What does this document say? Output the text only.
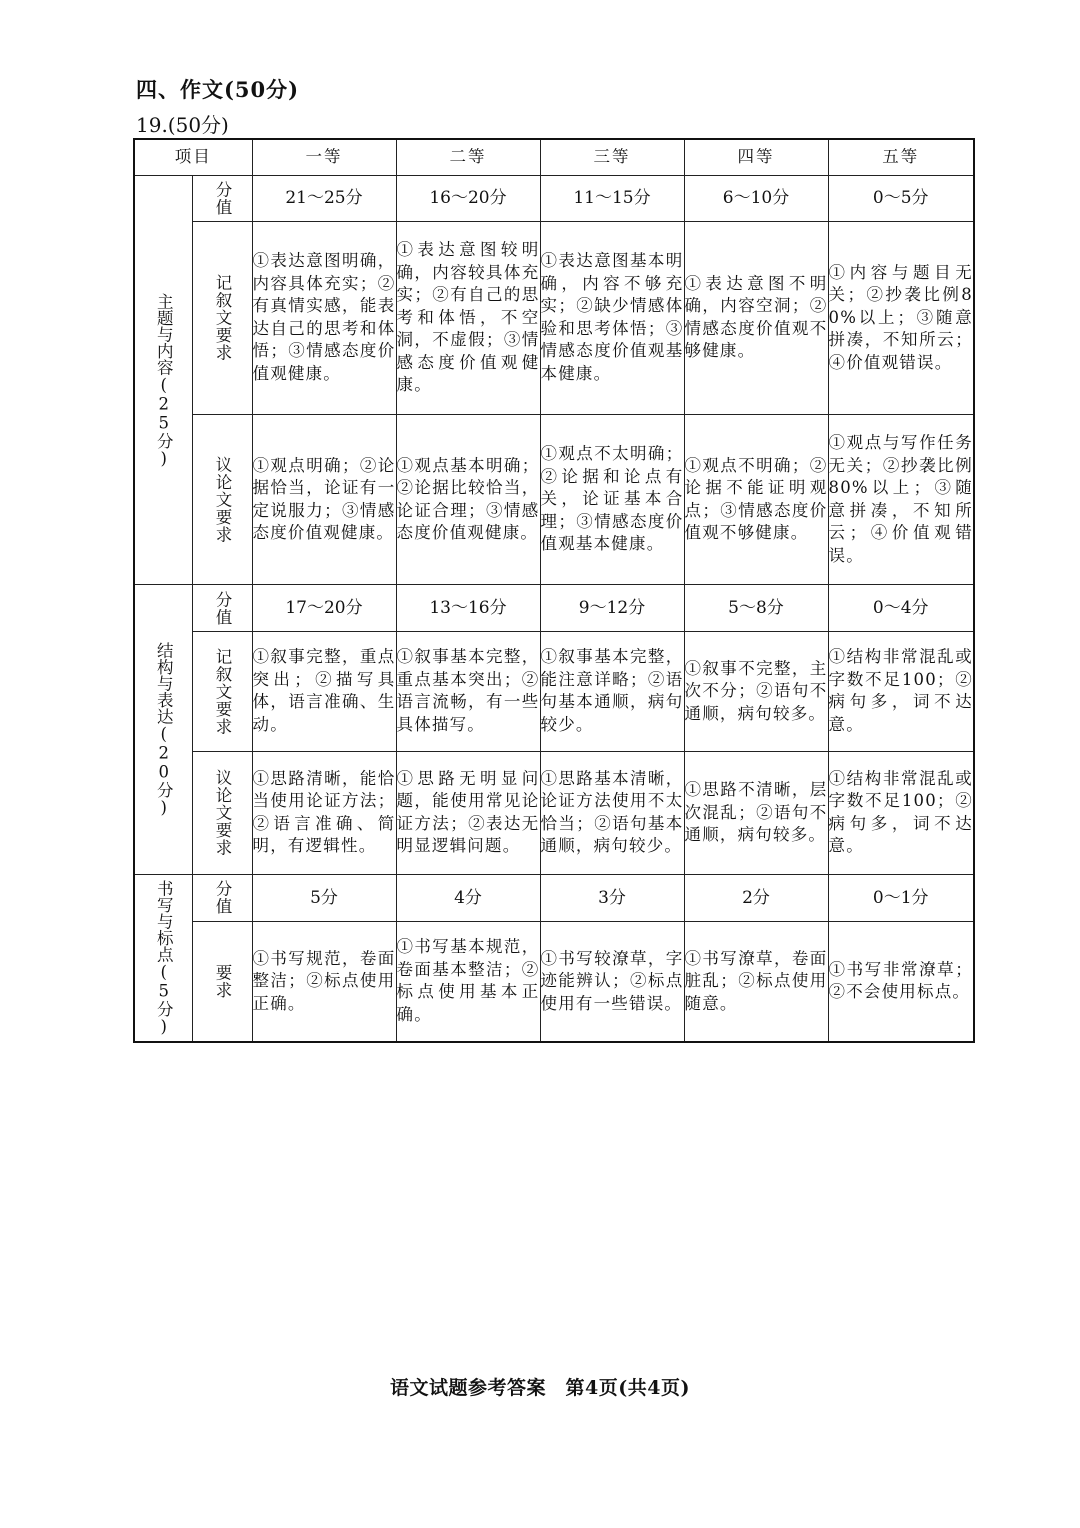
四、作文(50分)
19.(50分)
项目		一等	二等	三等	四等	五等

主题与内容(25分)	分值	21～25分	16～20分	11～15分	6～10分	0～5分

	记叙文要求	①表达意图明确，内容具体充实；②有真情实感，能表达自己的思考和体悟；③情感态度价值观健康。	①表达意图较明确，内容较具体充实；②有自己的思考和体悟，不空洞，不虚假；③情感态度价值观健康。	①表达意图基本明确，内容不够充实；②缺少情感体验和思考体悟；③情感态度价值观基本健康。	①表达意图不明确，内容空洞；②情感态度价值观不够健康。	①内容与题目无关；②抄袭比例80%以上；③随意拼凑，不知所云；④价值观错误。

	议论文要求	①观点明确；②论据恰当，论证有一定说服力；③情感态度价值观健康。	①观点基本明确；②论据比较恰当，论证合理；③情感态度价值观健康。	①观点不太明确；②论据和论点有关，论证基本合理；③情感态度价值观基本健康。	①观点不明确；②论据不能证明观点；③情感态度价值观不够健康。	①观点与写作任务无关；②抄袭比例80%以上；③随意拼凑，不知所云；④价值观错误。

结构与表达(20分)	分值	17～20分	13～16分	9～12分	5～8分	0～4分

	记叙文要求	①叙事完整，重点突出；②描写具体，语言准确、生动。	①叙事基本完整，重点基本突出；②语言流畅，有一些具体描写。	①叙事基本完整，能注意详略；②语句基本通顺，病句较少。	①叙事不完整，主次不分；②语句不通顺，病句较多。	①结构非常混乱或字数不足100；②病句多，词不达意。

	议论文要求	①思路清晰，能恰当使用论证方法；②语言准确、简明，有逻辑性。	①思路无明显问题，能使用常见论证方法；②表达无明显逻辑问题。	①思路基本清晰，论证方法使用不太恰当；②语句基本通顺，病句较少。	①思路不清晰，层次混乱；②语句不通顺，病句较多。	①结构非常混乱或字数不足100；②病句多，词不达意。

书写与标点(5分)	分值	5分	4分	3分	2分	0～1分

	要求	①书写规范，卷面整洁；②标点使用正确。	①书写基本规范，卷面基本整洁；②标点使用基本正确。	①书写较潦草，字迹能辨认；②标点使用有一些错误。	①书写潦草，卷面脏乱；②标点使用随意。	①书写非常潦草；②不会使用标点。
语文试题参考答案　第4页(共4页)
